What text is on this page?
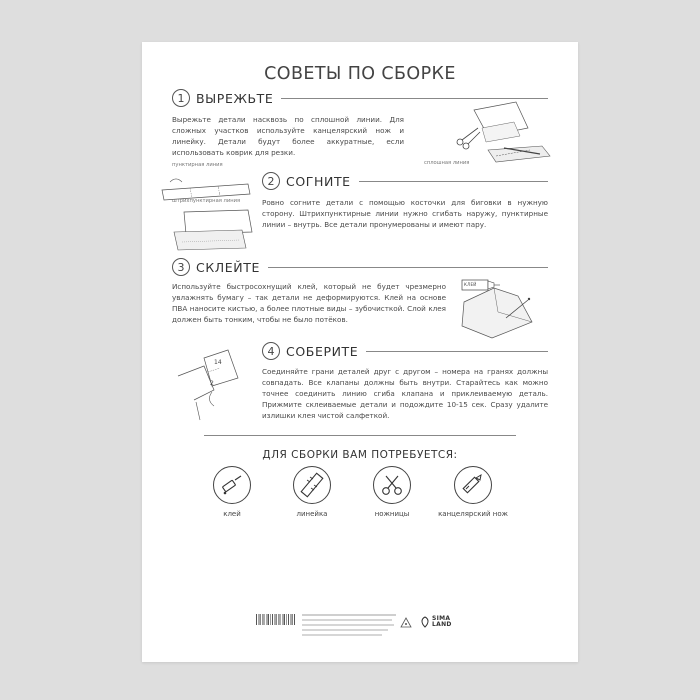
СОВЕТЫ ПО СБОРКЕ
1 ВЫРЕЖЬТЕ
Вырежьте детали насквозь по сплошной линии. Для сложных участков используйте канцелярский нож и линейку. Детали будут более аккуратные, если использовать коврик для резки.
сплошная линия
пунктирная линия
штрихпунктирная линия
2 СОГНИТЕ
Ровно согните детали с помощью косточки для биговки в нужную сторону. Штрихпунктирные линии нужно сгибать наружу, пунктирные линии – внутрь. Все детали пронумерованы и имеют пару.
3 СКЛЕЙТЕ
Используйте быстросохнущий клей, который не будет чрезмерно увлажнять бумагу – так детали не деформируются. Клей на основе ПВА наносите кистью, а более плотные виды – зубочисткой. Слой клея должен быть тонким, чтобы не было потёков.
КЛЕЙ
14
2
4 СОБЕРИТЕ
Соединяйте грани деталей друг с другом – номера на гранях должны совпадать. Все клапаны должны быть внутри. Старайтесь как можно точнее соединить линию сгиба клапана и приклеиваемую деталь. Прижмите склеиваемые детали и подождите 10-15 сек. Сразу удалите излишки клея чистой салфеткой.
ДЛЯ СБОРКИ ВАМ ПОТРЕБУЕТСЯ:
клей	линейка	ножницы	канцелярский нож
SIMA
LAND
